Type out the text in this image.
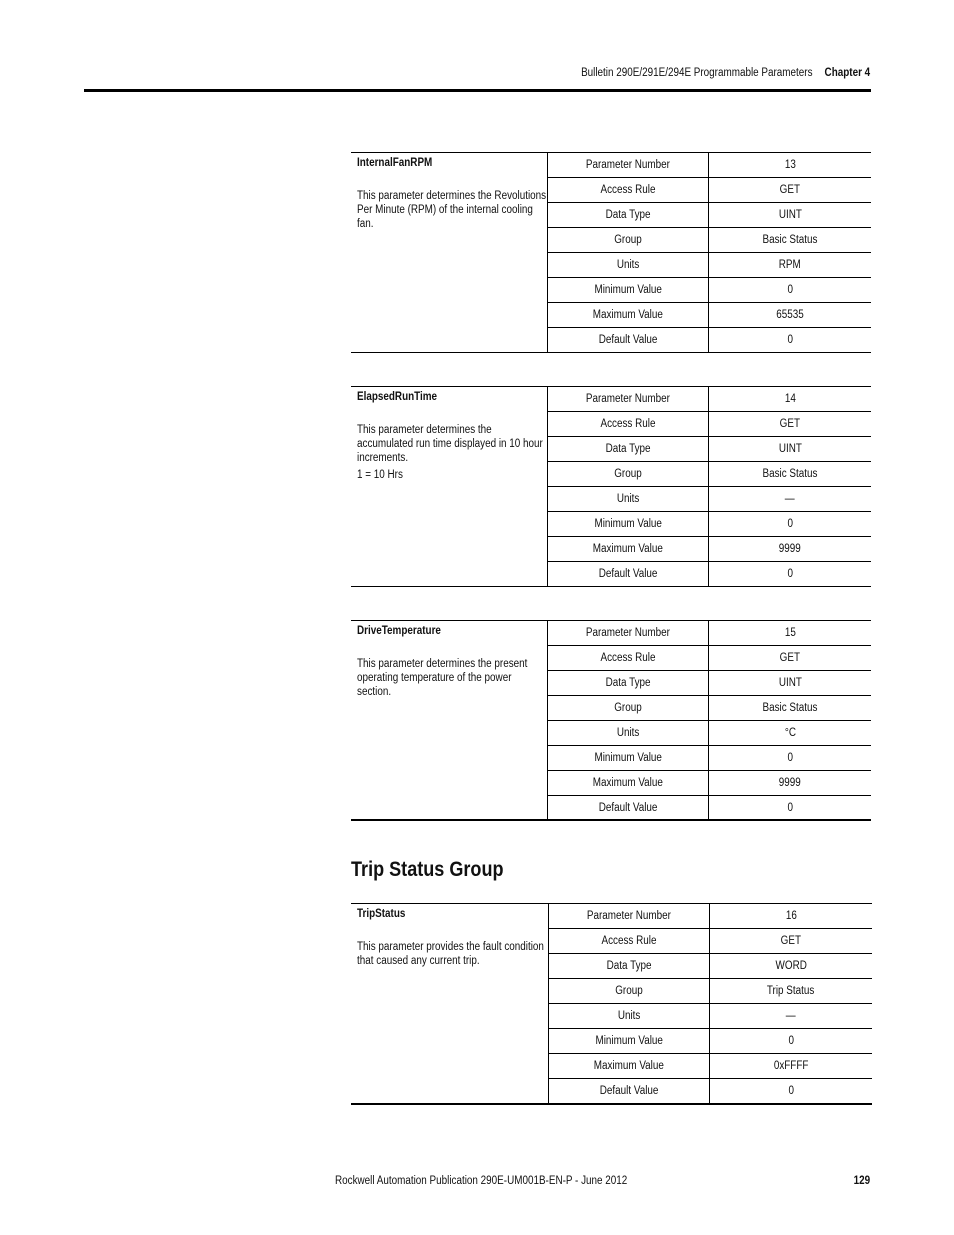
Bulletin 290E/291E/294E Programmable Parameters Chapter 4
InternalFanRPM
This parameter determines the Revolutions Per Minute (RPM) of the internal cooling fan.	Parameter Number	13
	Access Rule	GET
	Data Type	UINT
	Group	Basic Status
	Units	RPM
	Minimum Value	0
	Maximum Value	65535
	Default Value	0
ElapsedRunTime
This parameter determines the accumulated run time displayed in 10 hour increments.
1 = 10 Hrs	Parameter Number	14
	Access Rule	GET
	Data Type	UINT
	Group	Basic Status
	Units	—
	Minimum Value	0
	Maximum Value	9999
	Default Value	0
DriveTemperature
This parameter determines the present operating temperature of the power section.	Parameter Number	15
	Access Rule	GET
	Data Type	UINT
	Group	Basic Status
	Units	°C
	Minimum Value	0
	Maximum Value	9999
	Default Value	0
Trip Status Group
TripStatus
This parameter provides the fault condition that caused any current trip.	Parameter Number	16
	Access Rule	GET
	Data Type	WORD
	Group	Trip Status
	Units	—
	Minimum Value	0
	Maximum Value	0xFFFF
	Default Value	0
Rockwell Automation Publication 290E-UM001B-EN-P - June 2012	129
